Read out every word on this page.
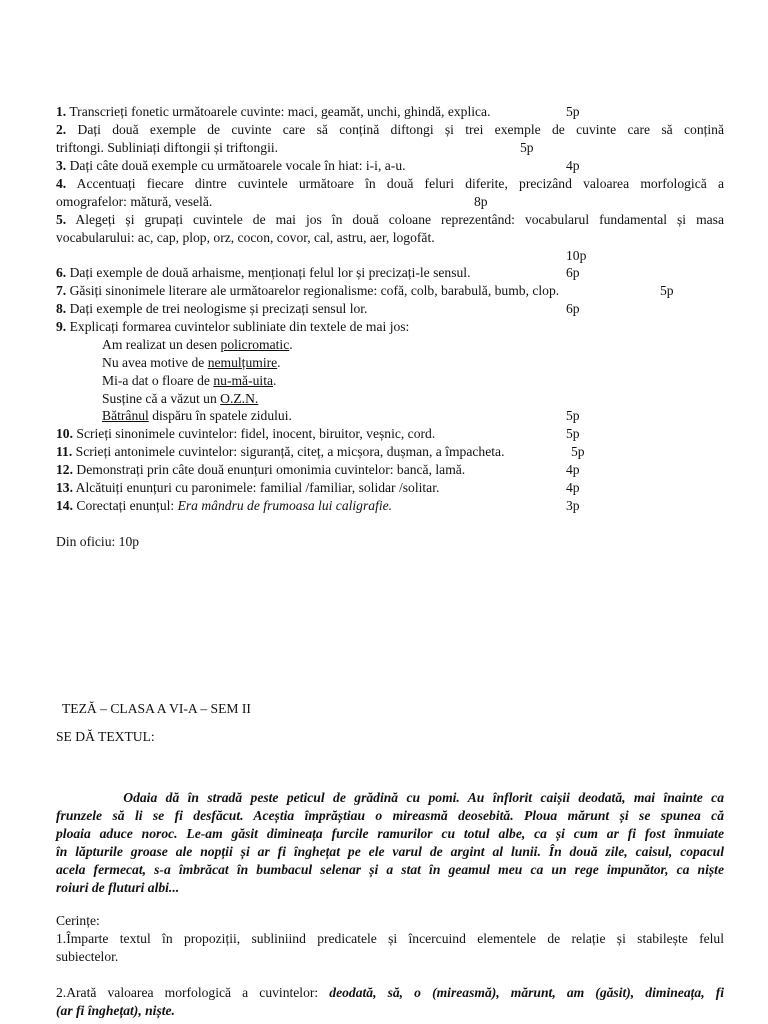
1. Transcrieți fonetic următoarele cuvinte: maci, geamăt, unchi, ghindă, explica.	5p
2. Dați două exemple de cuvinte care să conțină diftongi și trei exemple de cuvinte care să conțină
triftongi. Subliniați diftongii și triftongii.	5p
3. Dați câte două exemple cu următoarele vocale în hiat: i-i, a-u.	4p
4. Accentuați fiecare dintre cuvintele următoare în două feluri diferite, precizând valoarea morfologică a
omografelor: mătură, veselă.	8p
5. Alegeți și grupați cuvintele de mai jos în două coloane reprezentând: vocabularul fundamental și masa
vocabularului: ac, cap, plop, orz, cocon, covor, cal, astru, aer, logofăt.
10p
6. Dați exemple de două arhaisme, menționați felul lor și precizați-le sensul.	6p
7. Găsiți sinonimele literare ale următoarelor regionalisme: cofă, colb, barabulă, bumb, clop.	5p
8. Dați exemple de trei neologisme și precizați sensul lor.	6p
9. Explicați formarea cuvintelor subliniate din textele de mai jos:
Am realizat un desen policromatic.
Nu avea motive de nemulțumire.
Mi-a dat o floare de nu-mă-uita.
Susține că a văzut un O.Z.N.
Bătrânul dispăru în spatele zidului.	5p
10. Scrieți sinonimele cuvintelor: fidel, inocent, biruitor, veșnic, cord.	5p
11. Scrieți antonimele cuvintelor: siguranță, citeț, a micșora, dușman, a împacheta.	5p
12. Demonstrați prin câte două enunțuri omonimia cuvintelor: bancă, lamă.	4p
13. Alcătuiți enunțuri cu paronimele: familial /familiar, solidar /solitar.	4p
14. Corectați enunțul: Era mândru de frumoasa lui caligrafie.	3p
Din oficiu: 10p
TEZĂ – CLASA A VI-A – SEM II
SE DĂ TEXTUL:
Odaia dă în stradă peste peticul de grădină cu pomi. Au înflorit caișii deodată, mai înainte ca
frunzele să li se fi desfăcut. Aceștia împrăștiau o mireasmă deosebită. Ploua mărunt și se spunea că
ploaia aduce noroc. Le-am găsit dimineața furcile ramurilor cu totul albe, ca și cum ar fi fost înmuiate
în lăpturile groase ale nopții și ar fi înghețat pe ele varul de argint al lunii. În două zile, caisul, copacul
acela fermecat, s-a îmbrăcat în bumbacul selenar și a stat în geamul meu ca un rege impunător, ca niște
roiuri de fluturi albi...
Cerințe:
1.Împarte textul în propoziții, subliniind predicatele și încercuind elementele de relație și stabilește felul
subiectelor.
2.Arată valoarea morfologică a cuvintelor: deodată, să, o (mireasmă), mărunt, am (găsit), dimineața, fi
(ar fi înghețat), niște.
